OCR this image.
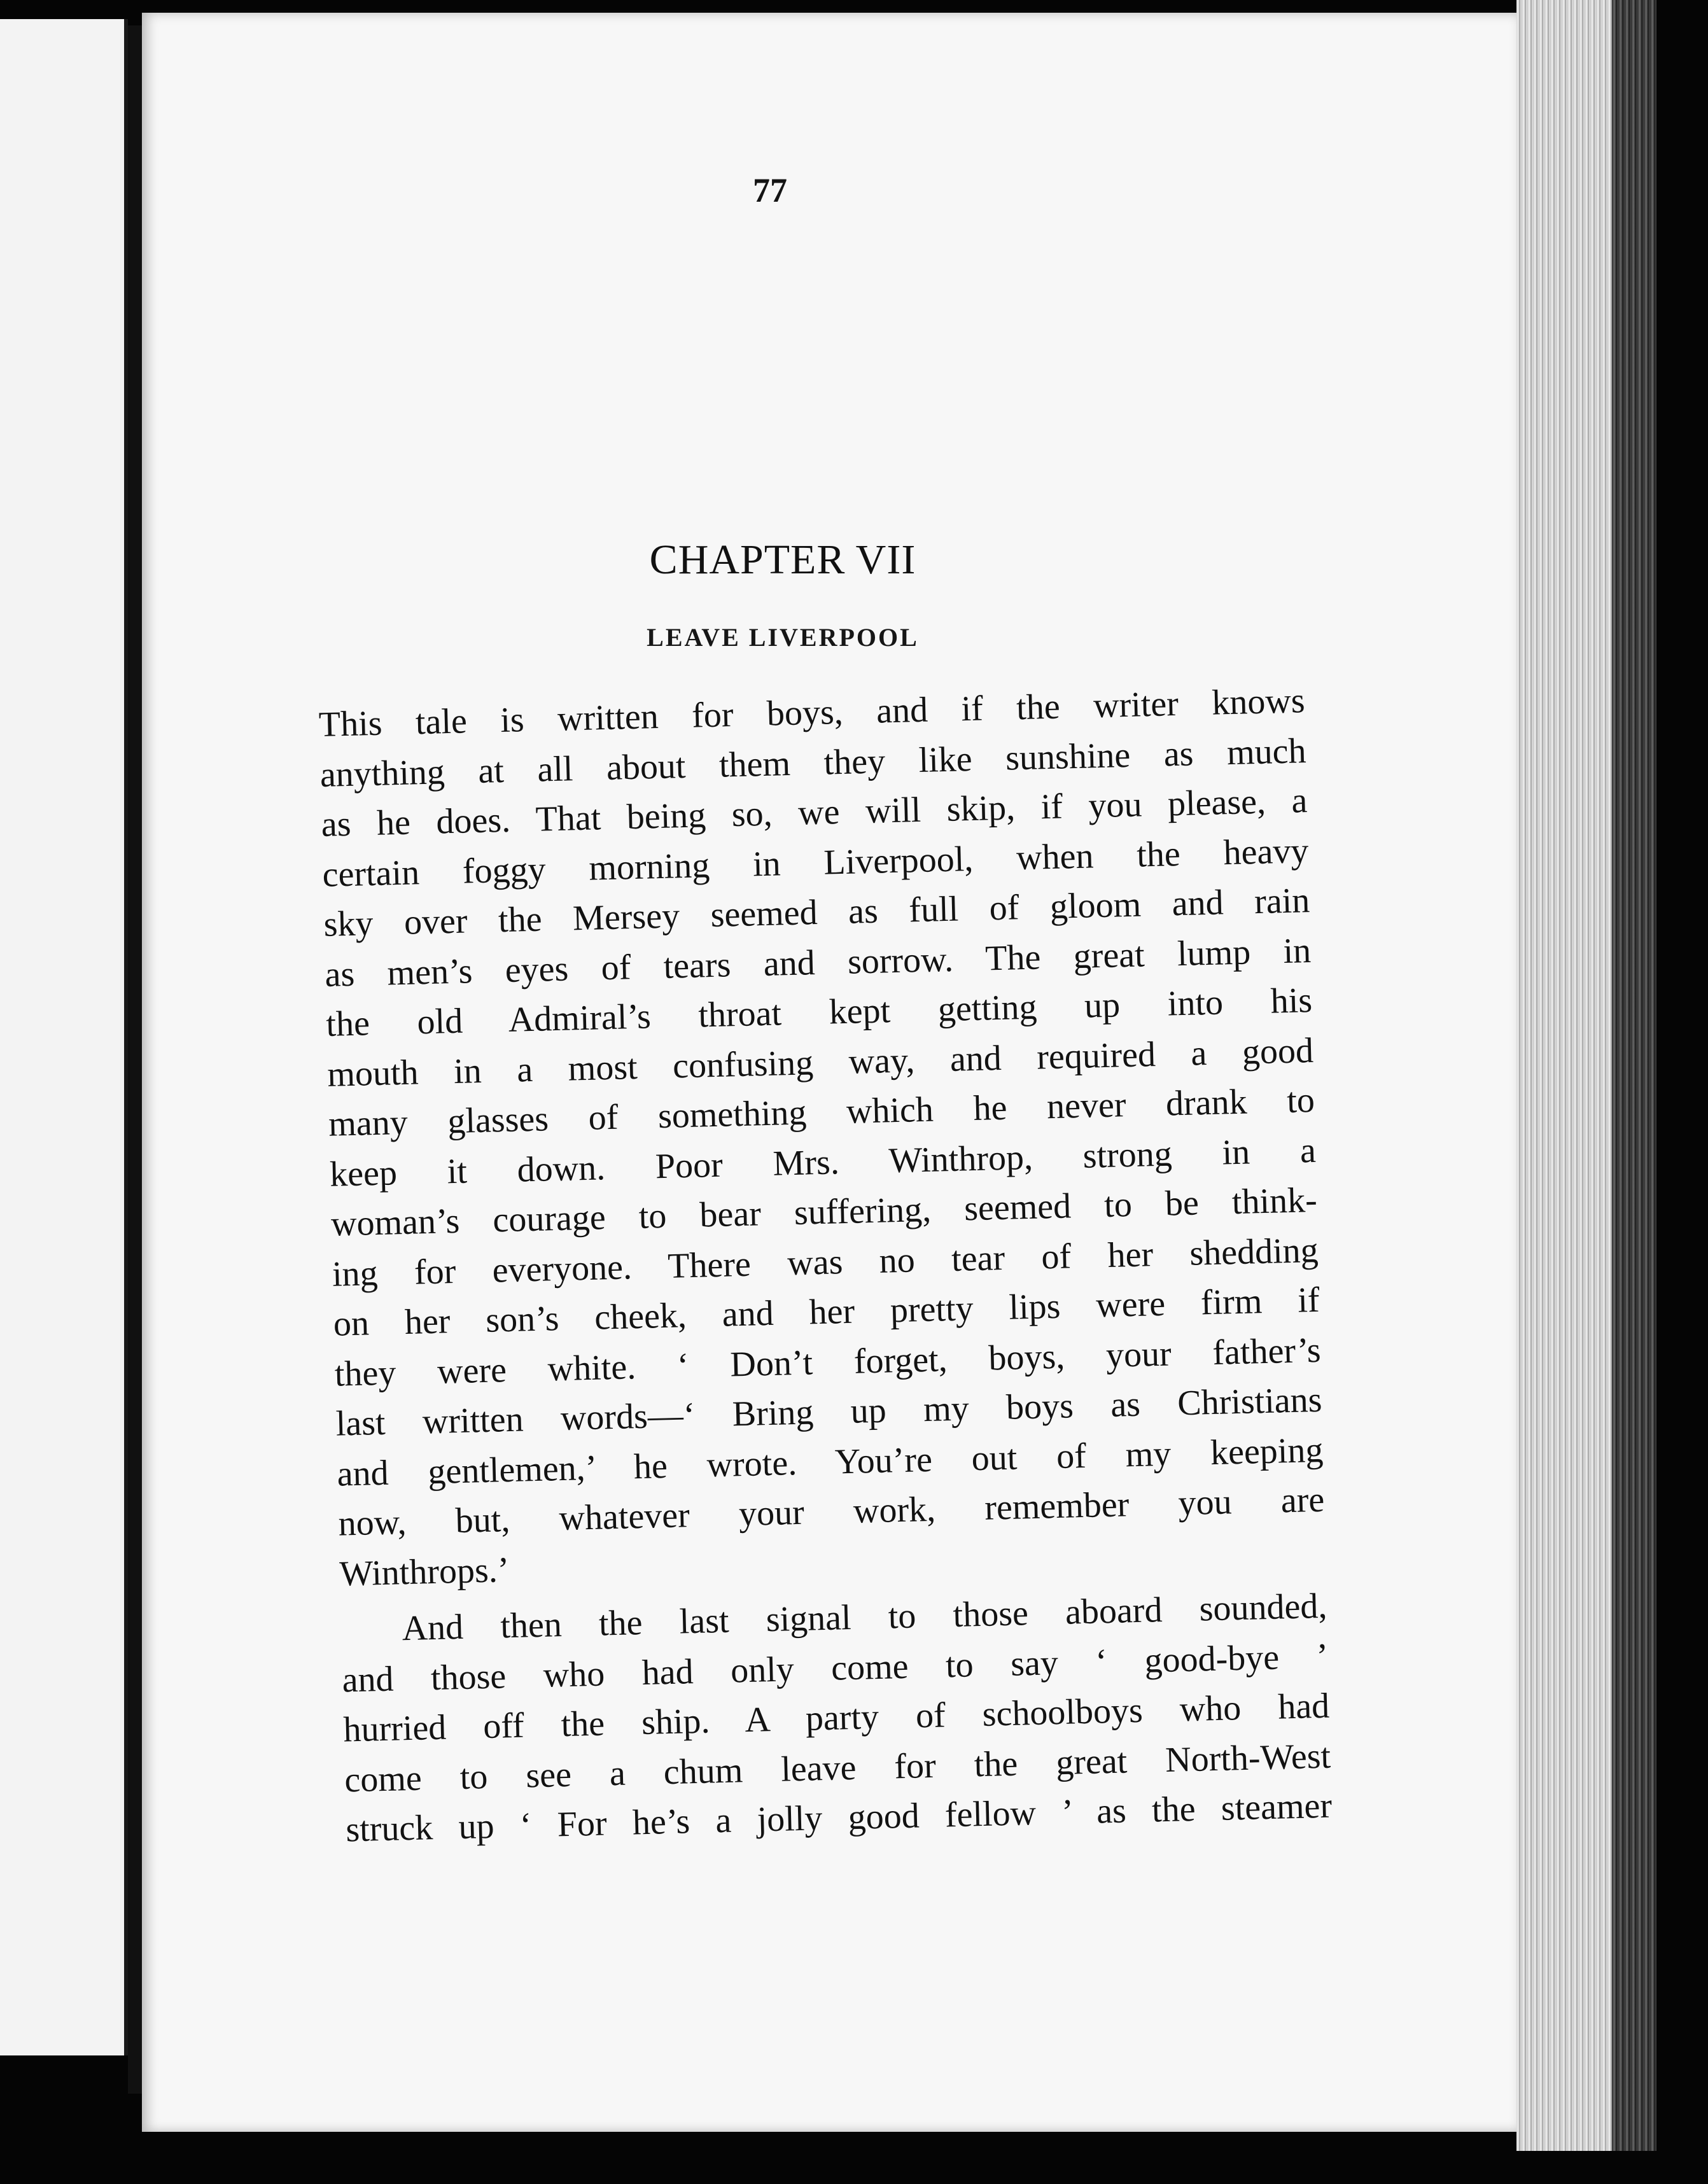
77
CHAPTER VII
LEAVE LIVERPOOL
This tale is written for boys, and if the writer knows
anything at all about them they like sunshine as much
as he does. That being so, we will skip, if you please, a
certain foggy morning in Liverpool, when the heavy
sky over the Mersey seemed as full of gloom and rain
as men’s eyes of tears and sorrow. The great lump in
the old Admiral’s throat kept getting up into his
mouth in a most confusing way, and required a good
many glasses of something which he never drank to
keep it down. Poor Mrs. Winthrop, strong in a
woman’s courage to bear suffering, seemed to be think-
ing for everyone. There was no tear of her shedding
on her son’s cheek, and her pretty lips were firm if
they were white. ‘ Don’t forget, boys, your father’s
last written words—‘ Bring up my boys as Christians
and gentlemen,’ he wrote. You’re out of my keeping
now, but, whatever your work, remember you are
Winthrops.’
And then the last signal to those aboard sounded,
and those who had only come to say ‘ good-bye ’
hurried off the ship. A party of schoolboys who had
come to see a chum leave for the great North-West
struck up ‘ For he’s a jolly good fellow ’ as the steamer
